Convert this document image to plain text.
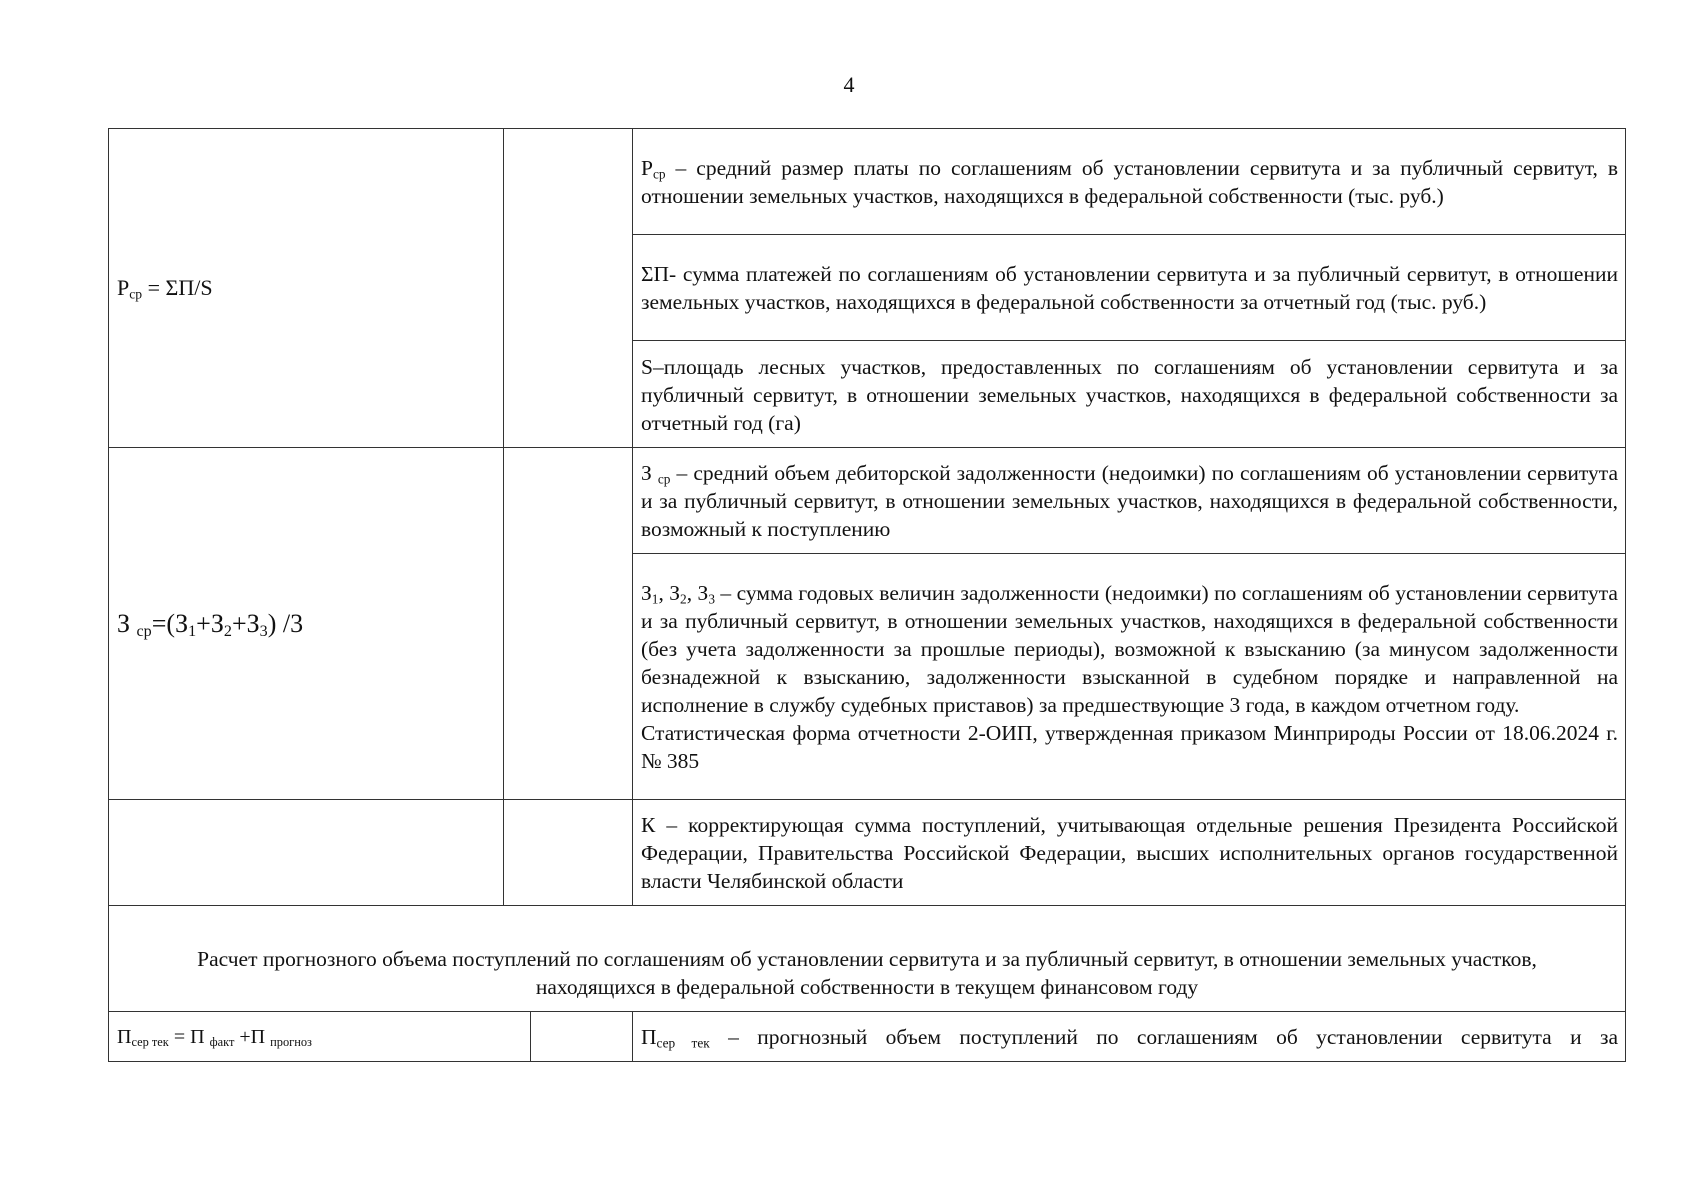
4
$Р_{ср} = \Sigma П/S$			$Р_{ср}$ – средний размер платы по соглашениям об установлении сервитута и за публичный сервитут, в отношении земельных участков, находящихся в федеральной собственности (тыс. руб.)
			ΣП- сумма платежей по соглашениям об установлении сервитута и за публичный сервитут, в отношении земельных участков, находящихся в федеральной собственности за отчетный год (тыс. руб.)
			S–площадь лесных участков, предоставленных по соглашениям об установлении сервитута и за публичный сервитут, в отношении земельных участков, находящихся в федеральной собственности за отчетный год (га)
З $_{ср}=(З_1+З_2+З_3)$ /3			З $_{ср}$ – средний объем дебиторской задолженности (недоимки) по соглашениям об установлении сервитута и за публичный сервитут, в отношении земельных участков, находящихся в федеральной собственности, возможный к поступлению

			$З_1$, $З_2$, $З_3$ – сумма годовых величин задолженности (недоимки) по соглашениям об установлении сервитута и за публичный сервитут, в отношении земельных участков, находящихся в федеральной собственности (без учета задолженности за прошлые периоды), возможной к взысканию (за минусом задолженности безнадежной к взысканию, задолженности взысканной в судебном порядке и направленной на исполнение в службу судебных приставов) за предшествующие 3 года, в каждом отчетном году.
Статистическая форма отчетности 2-ОИП, утвержденная приказом Минприроды России от 18.06.2024 г. № 385

			К – корректирующая сумма поступлений, учитывающая отдельные решения Президента Российской Федерации, Правительства Российской Федерации, высших исполнительных органов государственной власти Челябинской области
Расчет прогнозного объема поступлений по соглашениям об установлении сервитута и за публичный сервитут, в отношении земельных участков, находящихся в федеральной собственности в текущем финансовом году			
$П_{сер тек} = П$ $_{факт}$ +П $_{прогноз}$			$П_{сер тек}$ – прогнозный объем поступлений по соглашениям об установлении сервитута и за
